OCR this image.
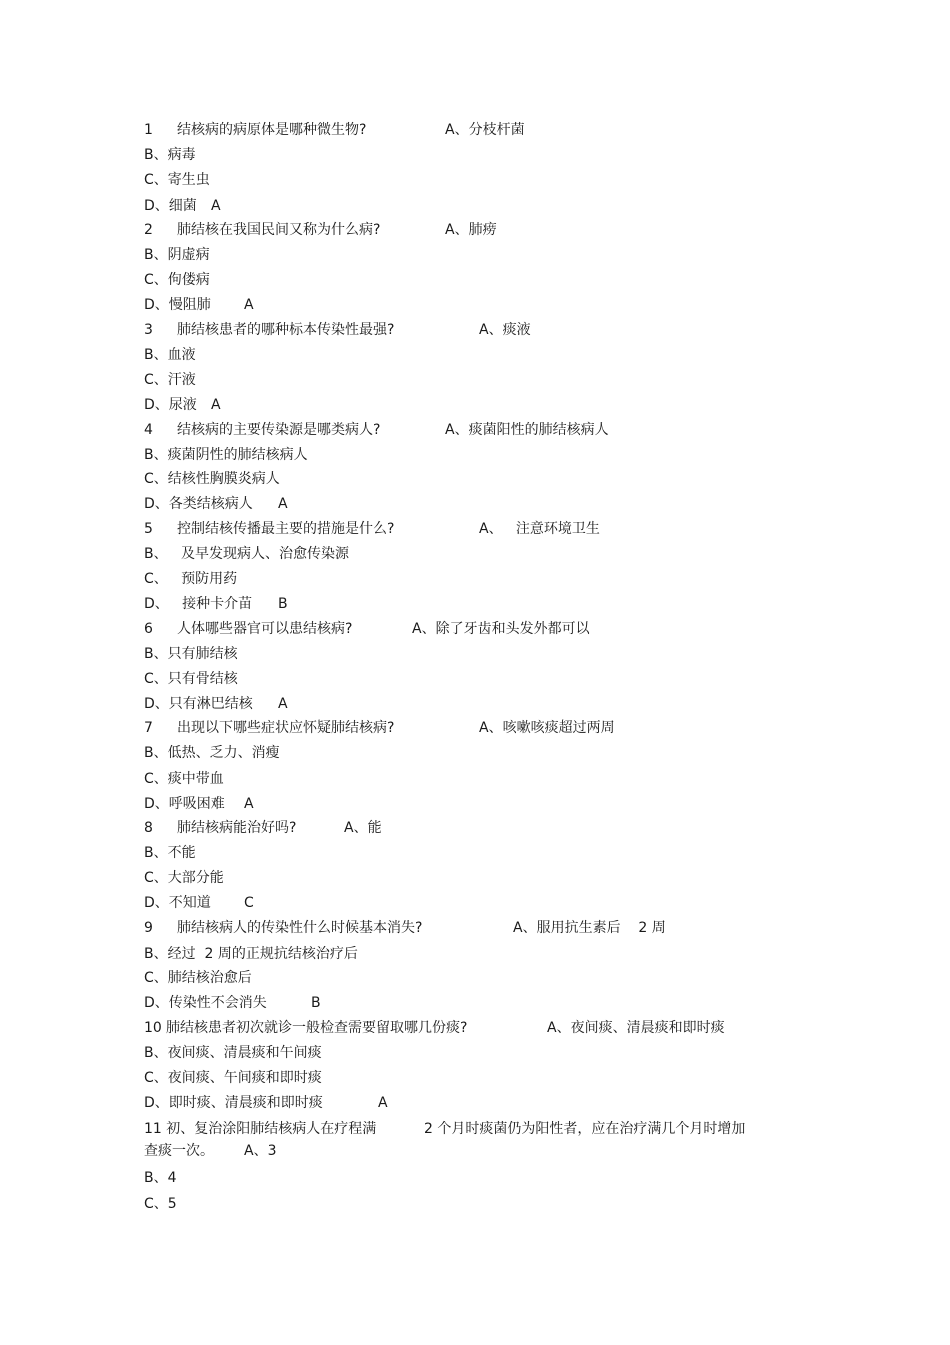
1 结核病的病原体是哪种微生物?	A、分枝杆菌
B、病毒
C、寄生虫
D、细菌 A
2 肺结核在我国民间又称为什么病?	A、肺痨
B、阴虚病
C、佝偻病
D、慢阻肺 A
3 肺结核患者的哪种标本传染性最强?	A、痰液
B、血液
C、汗液
D、尿液 A
4 结核病的主要传染源是哪类病人?	A、痰菌阳性的肺结核病人
B、痰菌阴性的肺结核病人
C、结核性胸膜炎病人
D、各类结核病人 A
5 控制结核传播最主要的措施是什么?	A、   注意环境卫生
B、   及早发现病人、治愈传染源
C、   预防用药
D、   接种卡介苗 B
6 人体哪些器官可以患结核病?	A、除了牙齿和头发外都可以
B、只有肺结核
C、只有骨结核
D、只有淋巴结核 A
7 出现以下哪些症状应怀疑肺结核病?	A、咳嗽咳痰超过两周
B、低热、乏力、消瘦
C、痰中带血
D、呼吸困难 A
8 肺结核病能治好吗?	A、能
B、不能
C、大部分能
D、不知道 C
9 肺结核病人的传染性什么时候基本消失?	A、服用抗生素后    2 周
B、经过  2 周的正规抗结核治疗后
C、肺结核治愈后
D、传染性不会消失	B
10 肺结核患者初次就诊一般检查需要留取哪几份痰?	A、夜间痰、清晨痰和即时痰
B、夜间痰、清晨痰和午间痰
C、夜间痰、午间痰和即时痰
D、即时痰、清晨痰和即时痰	A
11 初、复治涂阳肺结核病人在疗程满	2 个月时痰菌仍为阳性者，应在治疗满几个月时增加
查痰一次。 A、3
B、4
C、5
